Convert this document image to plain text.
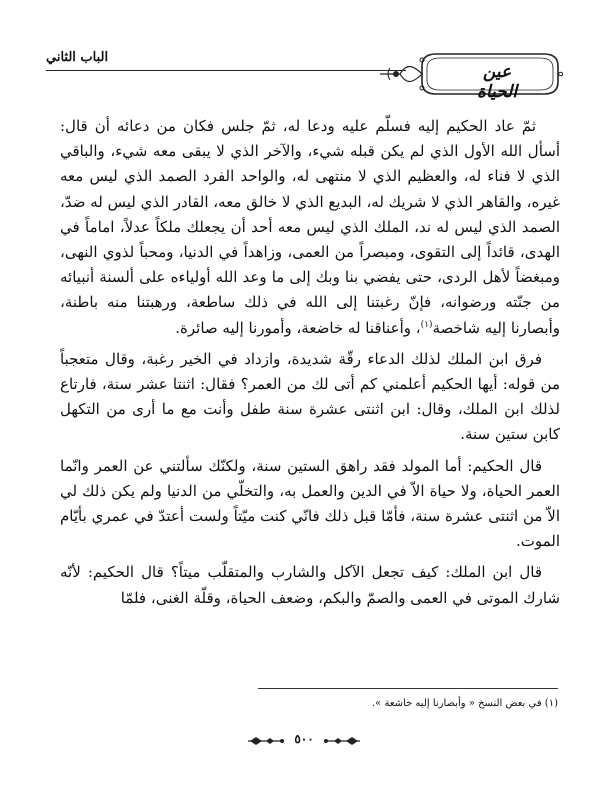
الباب الثاني
عين الحياة

ثمّ عاد الحكيم إليه فسلّم عليه ودعا له، ثمّ جلس فكان من دعائه أن قال: أسأل الله الأول الذي لم يكن قبله شيء، والآخر الذي لا يبقى معه شيء، والباقي الذي لا فناء له، والعظيم الذي لا منتهى له، والواحد الفرد الصمد الذي ليس معه غيره، والقاهر الذي لا شريك له، البديع الذي لا خالق معه، القادر الذي ليس له ضدّ، الصمد الذي ليس له ند، الملك الذي ليس معه أحد أن يجعلك ملكاً عدلاً، اماماً في الهدى، قائداً إلى التقوى، ومبصراً من العمى، وزاهداً في الدنيا، ومحباً لذوي النهى، ومبغضاً لأهل الردى، حتى يفضي بنا وبك إلى ما وعد الله أولياءه على ألسنة أنبيائه من جنّته ورضوانه، فإنّ رغبتنا إلى الله في ذلك ساطعة، ورهبتنا منه باطنة، وأبصارنا إليه شاخصة$^{(١)}$، وأعناقنا له خاضعة، وأمورنا إليه صائرة.

فرق ابن الملك لذلك الدعاء رقّة شديدة، وازداد في الخير رغبة، وقال متعجباً من قوله: أيها الحكيم أعلمني كم أتى لك من العمر؟ فقال: اثنتا عشر سنة، فارتاع لذلك ابن الملك، وقال: ابن اثنتى عشرة سنة طفل وأنت مع ما أرى من التكهل كابن ستين سنة.

قال الحكيم: أما المولد فقد راهق الستين سنة، ولكنّك سألتني عن العمر وانّما العمر الحياة، ولا حياة الاّ في الدين والعمل به، والتخلّي من الدنيا ولم يكن ذلك لي الاّ من اثنتى عشرة سنة، فأمّا قبل ذلك فانّي كنت ميّتاً ولست أعتدّ في عمري بأيّام الموت.

قال ابن الملك: كيف تجعل الآكل والشارب والمتقلّب ميتاً؟ قال الحكيم: لأنّه شارك الموتى في العمى والصمّ والبكم، وضعف الحياة، وقلّة الغنى، فلمّا

(١) في بعض النسخ « وأبصارنا إليه خاشعة ».
٥٠٠
